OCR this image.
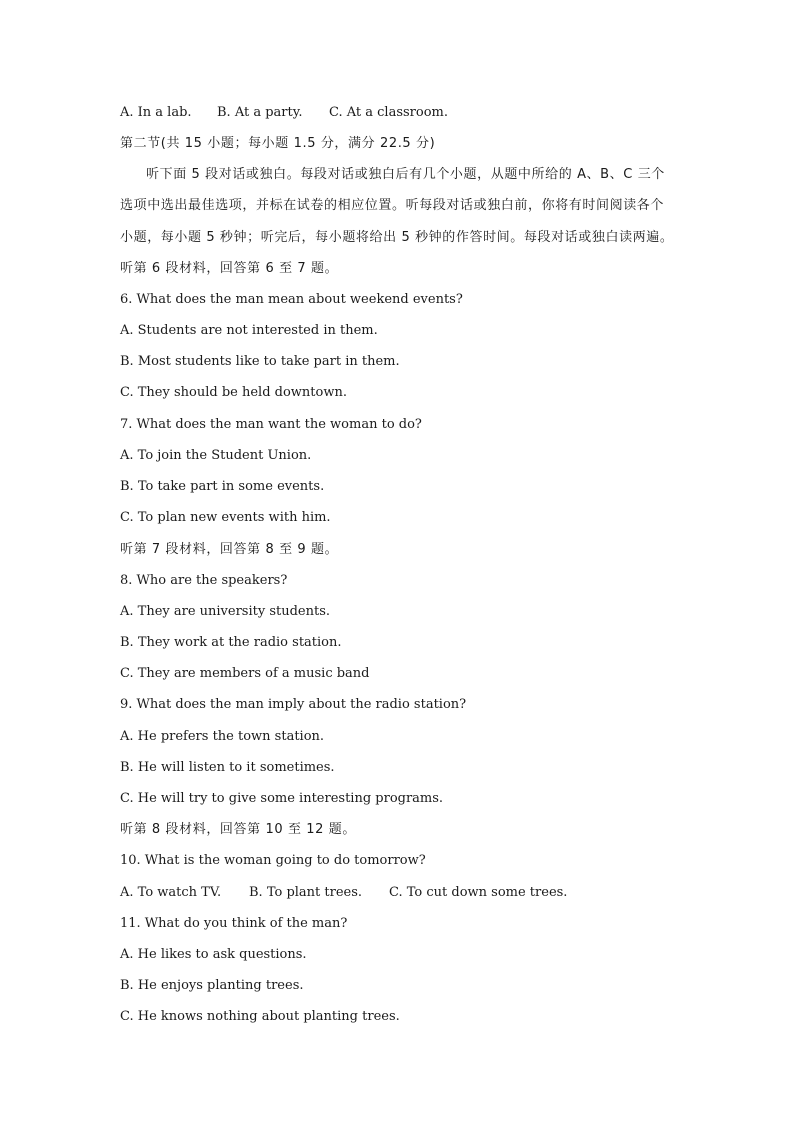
A. In a lab. B. At a party. C. At a classroom.
第二节(共 15 小题；每小题 1.5 分，满分 22.5 分)
听下面 5 段对话或独白。每段对话或独白后有几个小题，从题中所给的 A、B、C 三个
选项中选出最佳选项，并标在试卷的相应位置。听每段对话或独白前，你将有时间阅读各个
小题，每小题 5 秒钟；听完后，每小题将给出 5 秒钟的作答时间。每段对话或独白读两遍。
听第 6 段材料，回答第 6 至 7 题。
6. What does the man mean about weekend events?
A. Students are not interested in them.
B. Most students like to take part in them.
C. They should be held downtown.
7. What does the man want the woman to do?
A. To join the Student Union.
B. To take part in some events.
C. To plan new events with him.
听第 7 段材料，回答第 8 至 9 题。
8. Who are the speakers?
A. They are university students.
B. They work at the radio station.
C. They are members of a music band
9. What does the man imply about the radio station?
A. He prefers the town station.
B. He will listen to it sometimes.
C. He will try to give some interesting programs.
听第 8 段材料，回答第 10 至 12 题。
10. What is the woman going to do tomorrow?
A. To watch TV. B. To plant trees. C. To cut down some trees.
11. What do you think of the man?
A. He likes to ask questions.
B. He enjoys planting trees.
C. He knows nothing about planting trees.
